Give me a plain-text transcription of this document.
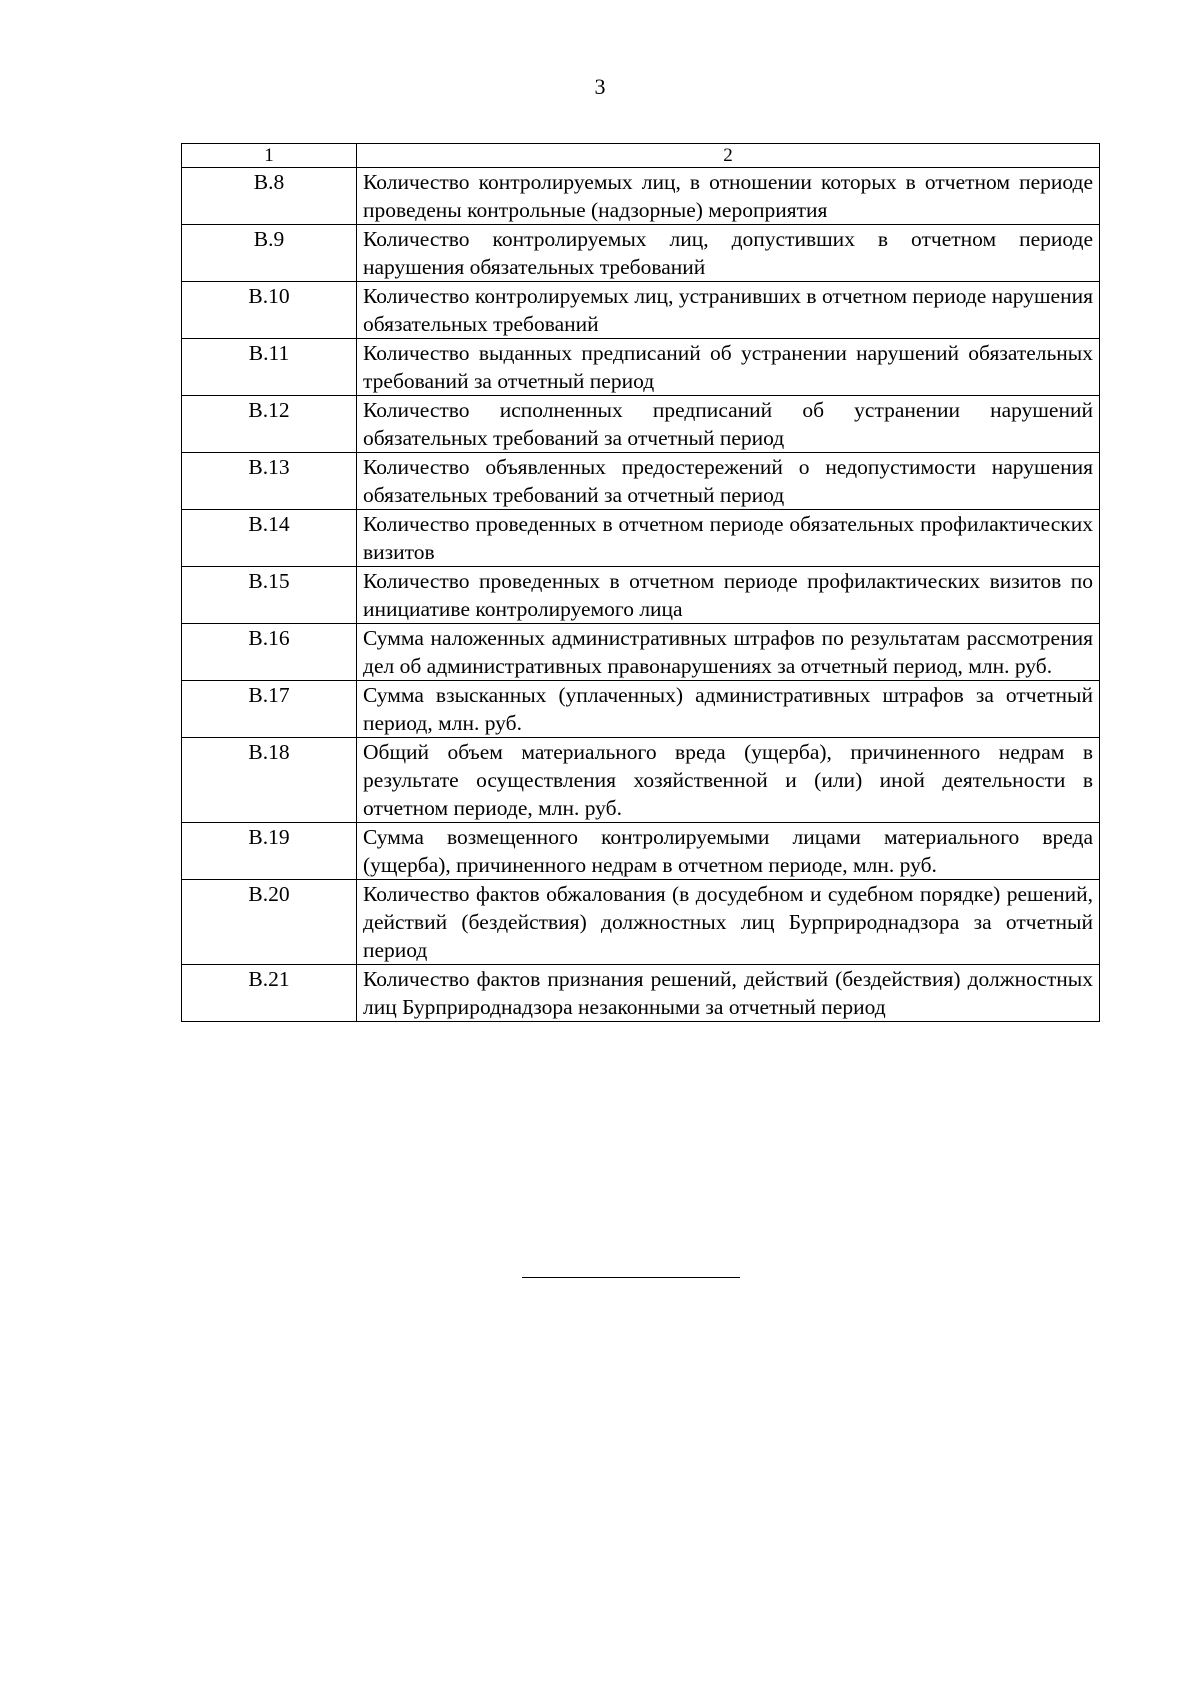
3
1	2
В.8	Количество контролируемых лиц, в отношении которых в отчетном периоде проведены контрольные (надзорные) мероприятия
В.9	Количество контролируемых лиц, допустивших в отчетном периоде нарушения обязательных требований
В.10	Количество контролируемых лиц, устранивших в отчетном периоде нарушения обязательных требований
В.11	Количество выданных предписаний об устранении нарушений обязательных требований за отчетный период
В.12	Количество исполненных предписаний об устранении нарушений обязательных требований за отчетный период
В.13	Количество объявленных предостережений о недопустимости нарушения обязательных требований за отчетный период
В.14	Количество проведенных в отчетном периоде обязательных профилактических визитов
В.15	Количество проведенных в отчетном периоде профилактических визитов по инициативе контролируемого лица
В.16	Сумма наложенных административных штрафов по результатам рассмотрения дел об административных правонарушениях за отчетный период, млн. руб.
В.17	Сумма взысканных (уплаченных) административных штрафов за отчетный период, млн. руб.
В.18	Общий объем материального вреда (ущерба), причиненного недрам в результате осуществления хозяйственной и (или) иной деятельности в отчетном периоде, млн. руб.
В.19	Сумма возмещенного контролируемыми лицами материального вреда (ущерба), причиненного недрам в отчетном периоде, млн. руб.
В.20	Количество фактов обжалования (в досудебном и судебном порядке) решений, действий (бездействия) должностных лиц Бурприроднадзора за отчетный период
В.21	Количество фактов признания решений, действий (бездействия) должностных лиц Бурприроднадзора незаконными за отчетный период
